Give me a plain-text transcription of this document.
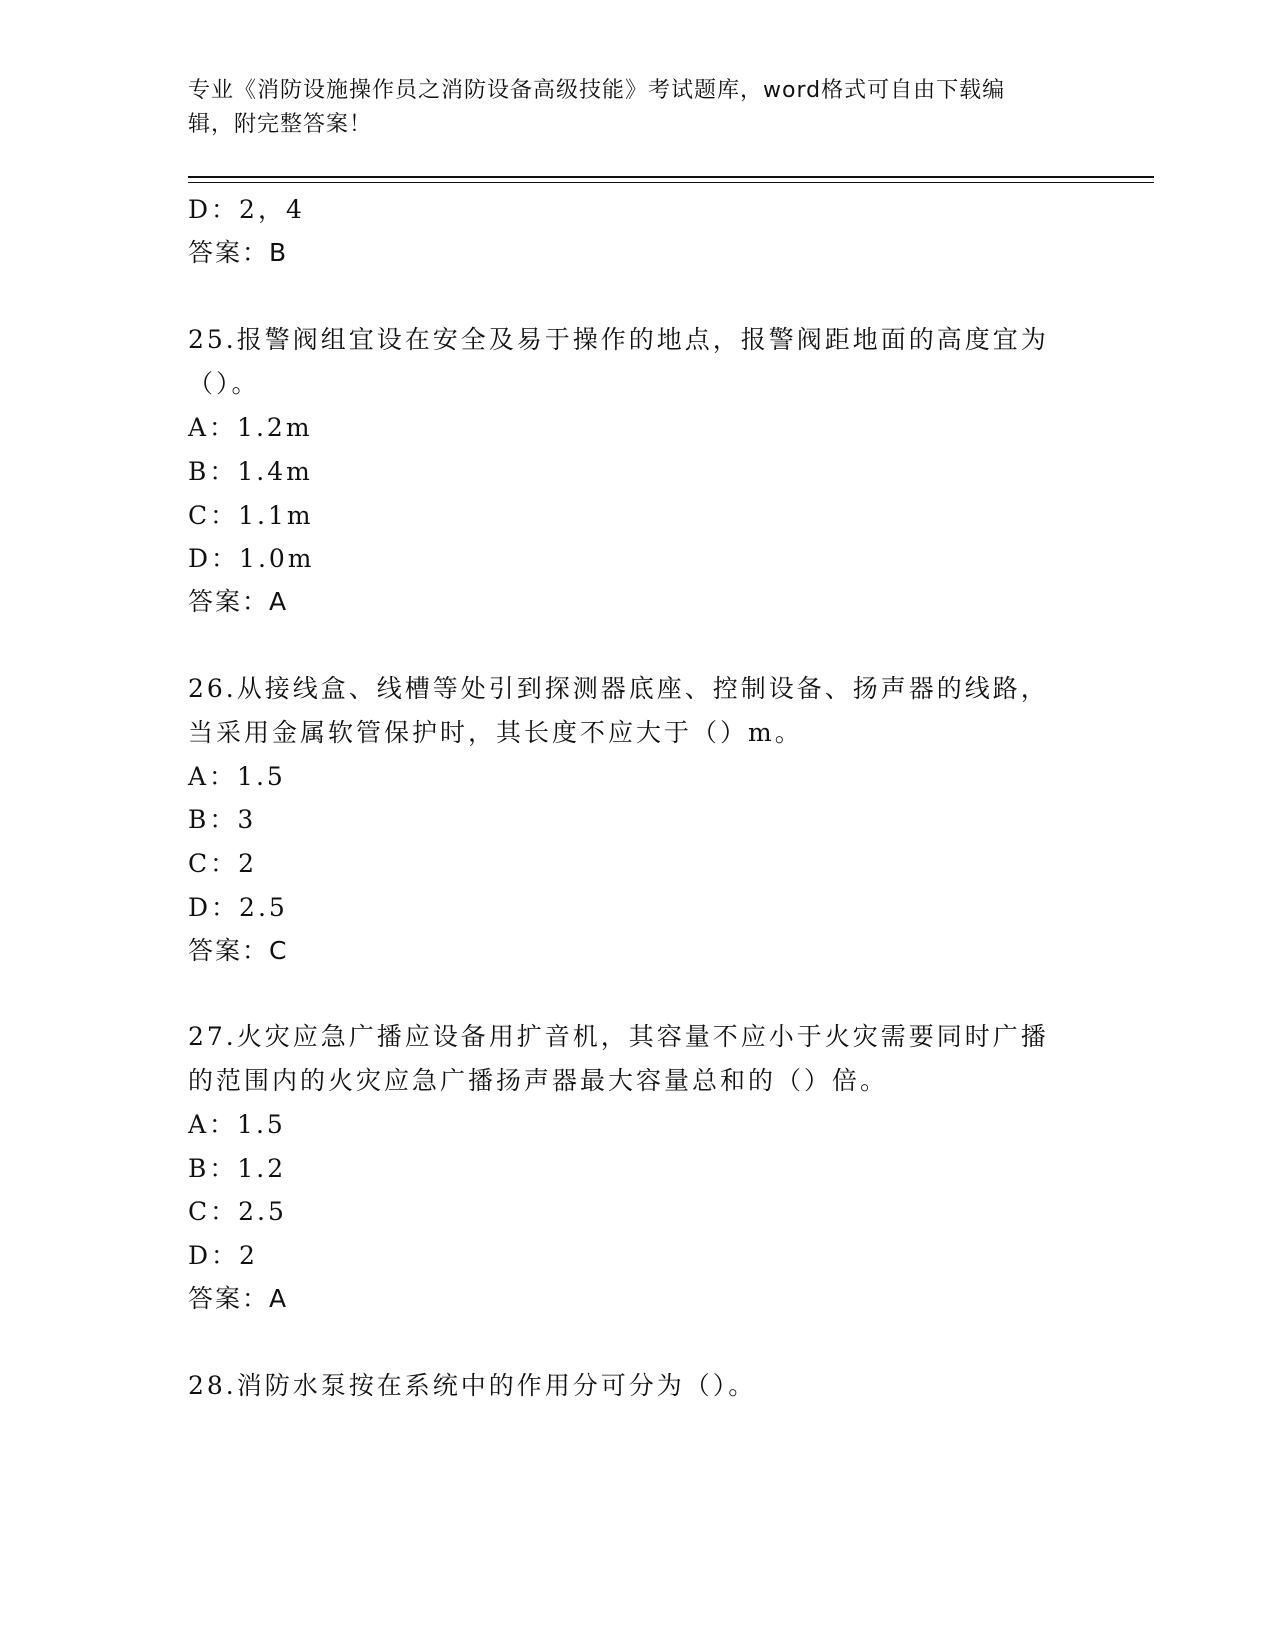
专业《消防设施操作员之消防设备高级技能》考试题库，word格式可自由下载编
辑，附完整答案！
D：2，4
答案：B
25.报警阀组宜设在安全及易于操作的地点，报警阀距地面的高度宜为
（）。
A：1.2m
B：1.4m
C：1.1m
D：1.0m
答案：A
26.从接线盒、线槽等处引到探测器底座、控制设备、扬声器的线路，
当采用金属软管保护时，其长度不应大于（）m。
A：1.5
B：3
C：2
D：2.5
答案：C
27.火灾应急广播应设备用扩音机，其容量不应小于火灾需要同时广播
的范围内的火灾应急广播扬声器最大容量总和的（）倍。
A：1.5
B：1.2
C：2.5
D：2
答案：A
28.消防水泵按在系统中的作用分可分为（）。
